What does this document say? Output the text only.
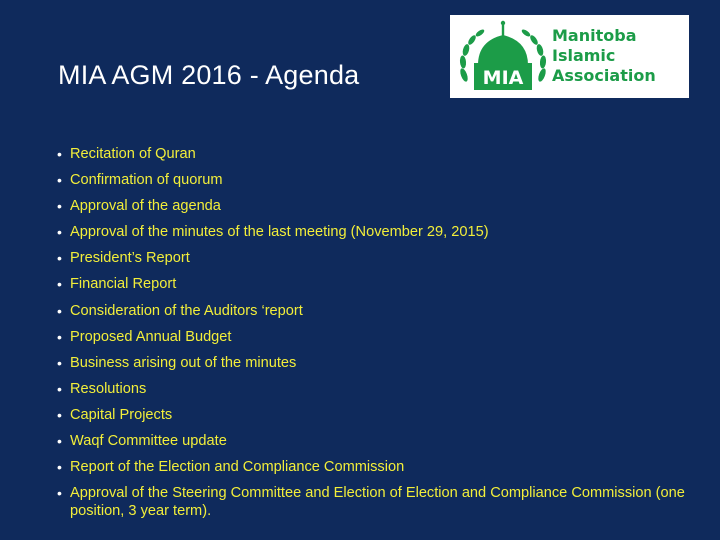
MIA AGM 2016 - Agenda	MIA
Manitoba
Islamic
Association
• Recitation of Quran
• Confirmation of quorum
• Approval of the agenda
• Approval of the minutes of the last meeting (November 29, 2015)
• President’s Report
• Financial Report
• Consideration of the Auditors ‘report
• Proposed Annual Budget
• Business arising out of the minutes
• Resolutions
• Capital Projects
• Waqf Committee update
• Report of the Election and Compliance Commission
• Approval of the Steering Committee and Election of Election and Compliance Commission (one position, 3 year term).
